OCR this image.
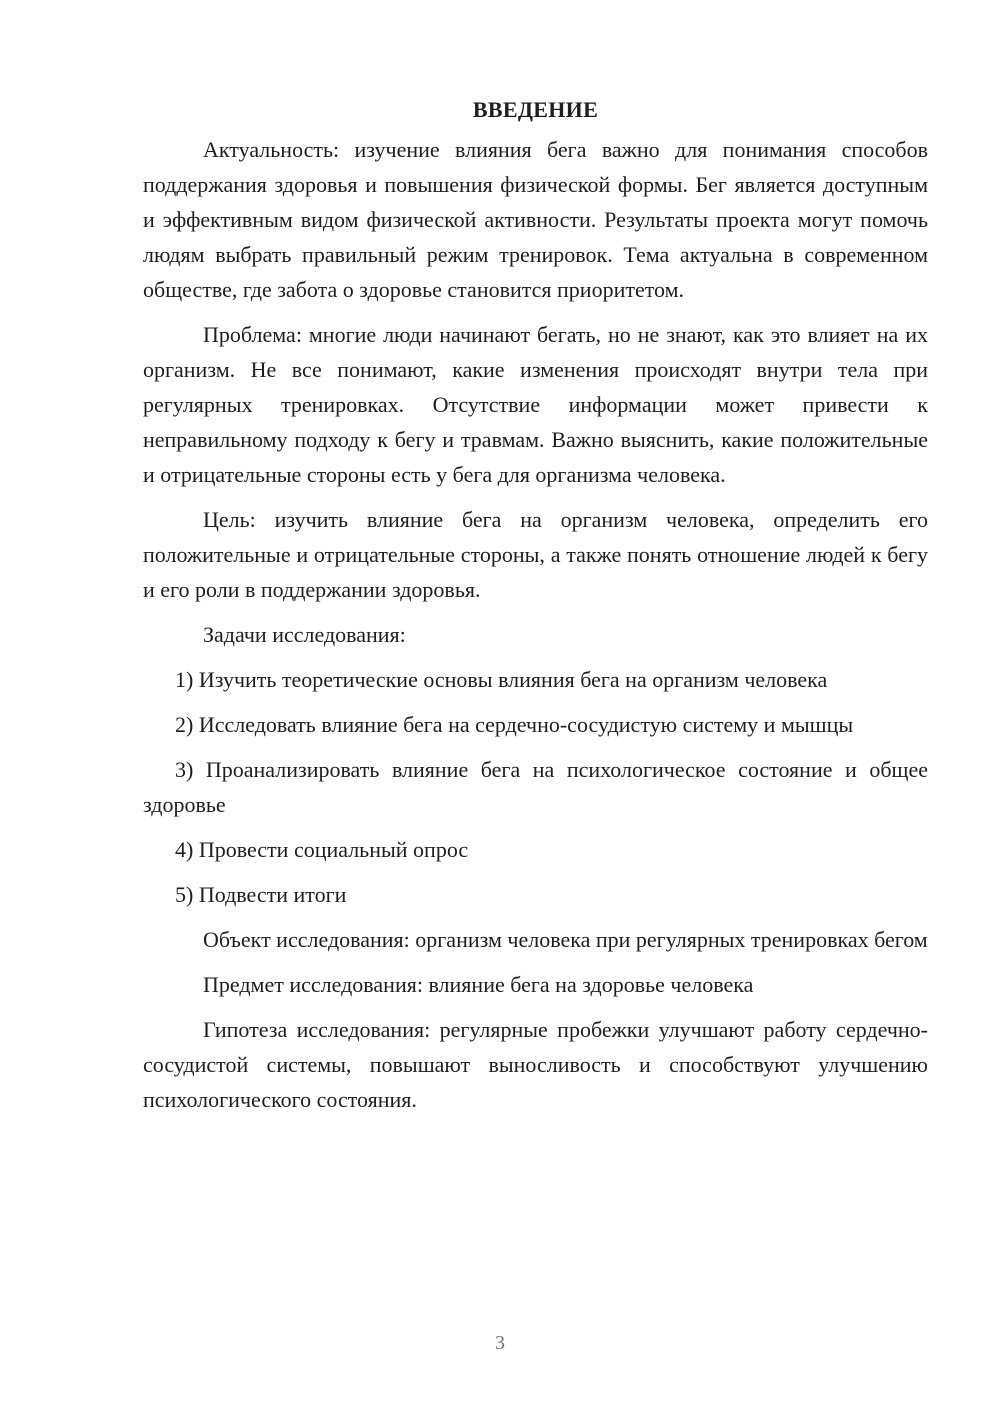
ВВЕДЕНИЕ
Актуальность: изучение влияния бега важно для понимания способов поддержания здоровья и повышения физической формы. Бег является доступным и эффективным видом физической активности. Результаты проекта могут помочь людям выбрать правильный режим тренировок. Тема актуальна в современном обществе, где забота о здоровье становится приоритетом.
Проблема: многие люди начинают бегать, но не знают, как это влияет на их организм. Не все понимают, какие изменения происходят внутри тела при регулярных тренировках. Отсутствие информации может привести к неправильному подходу к бегу и травмам. Важно выяснить, какие положительные и отрицательные стороны есть у бега для организма человека.
Цель: изучить влияние бега на организм человека, определить его положительные и отрицательные стороны, а также понять отношение людей к бегу и его роли в поддержании здоровья.
Задачи исследования:
1) Изучить теоретические основы влияния бега на организм человека
2) Исследовать влияние бега на сердечно-сосудистую систему и мышцы
3) Проанализировать влияние бега на психологическое состояние и общее здоровье
4) Провести социальный опрос
5) Подвести итоги
Объект исследования: организм человека при регулярных тренировках бегом
Предмет исследования: влияние бега на здоровье человека
Гипотеза исследования: регулярные пробежки улучшают работу сердечно-сосудистой системы, повышают выносливость и способствуют улучшению психологического состояния.
3
